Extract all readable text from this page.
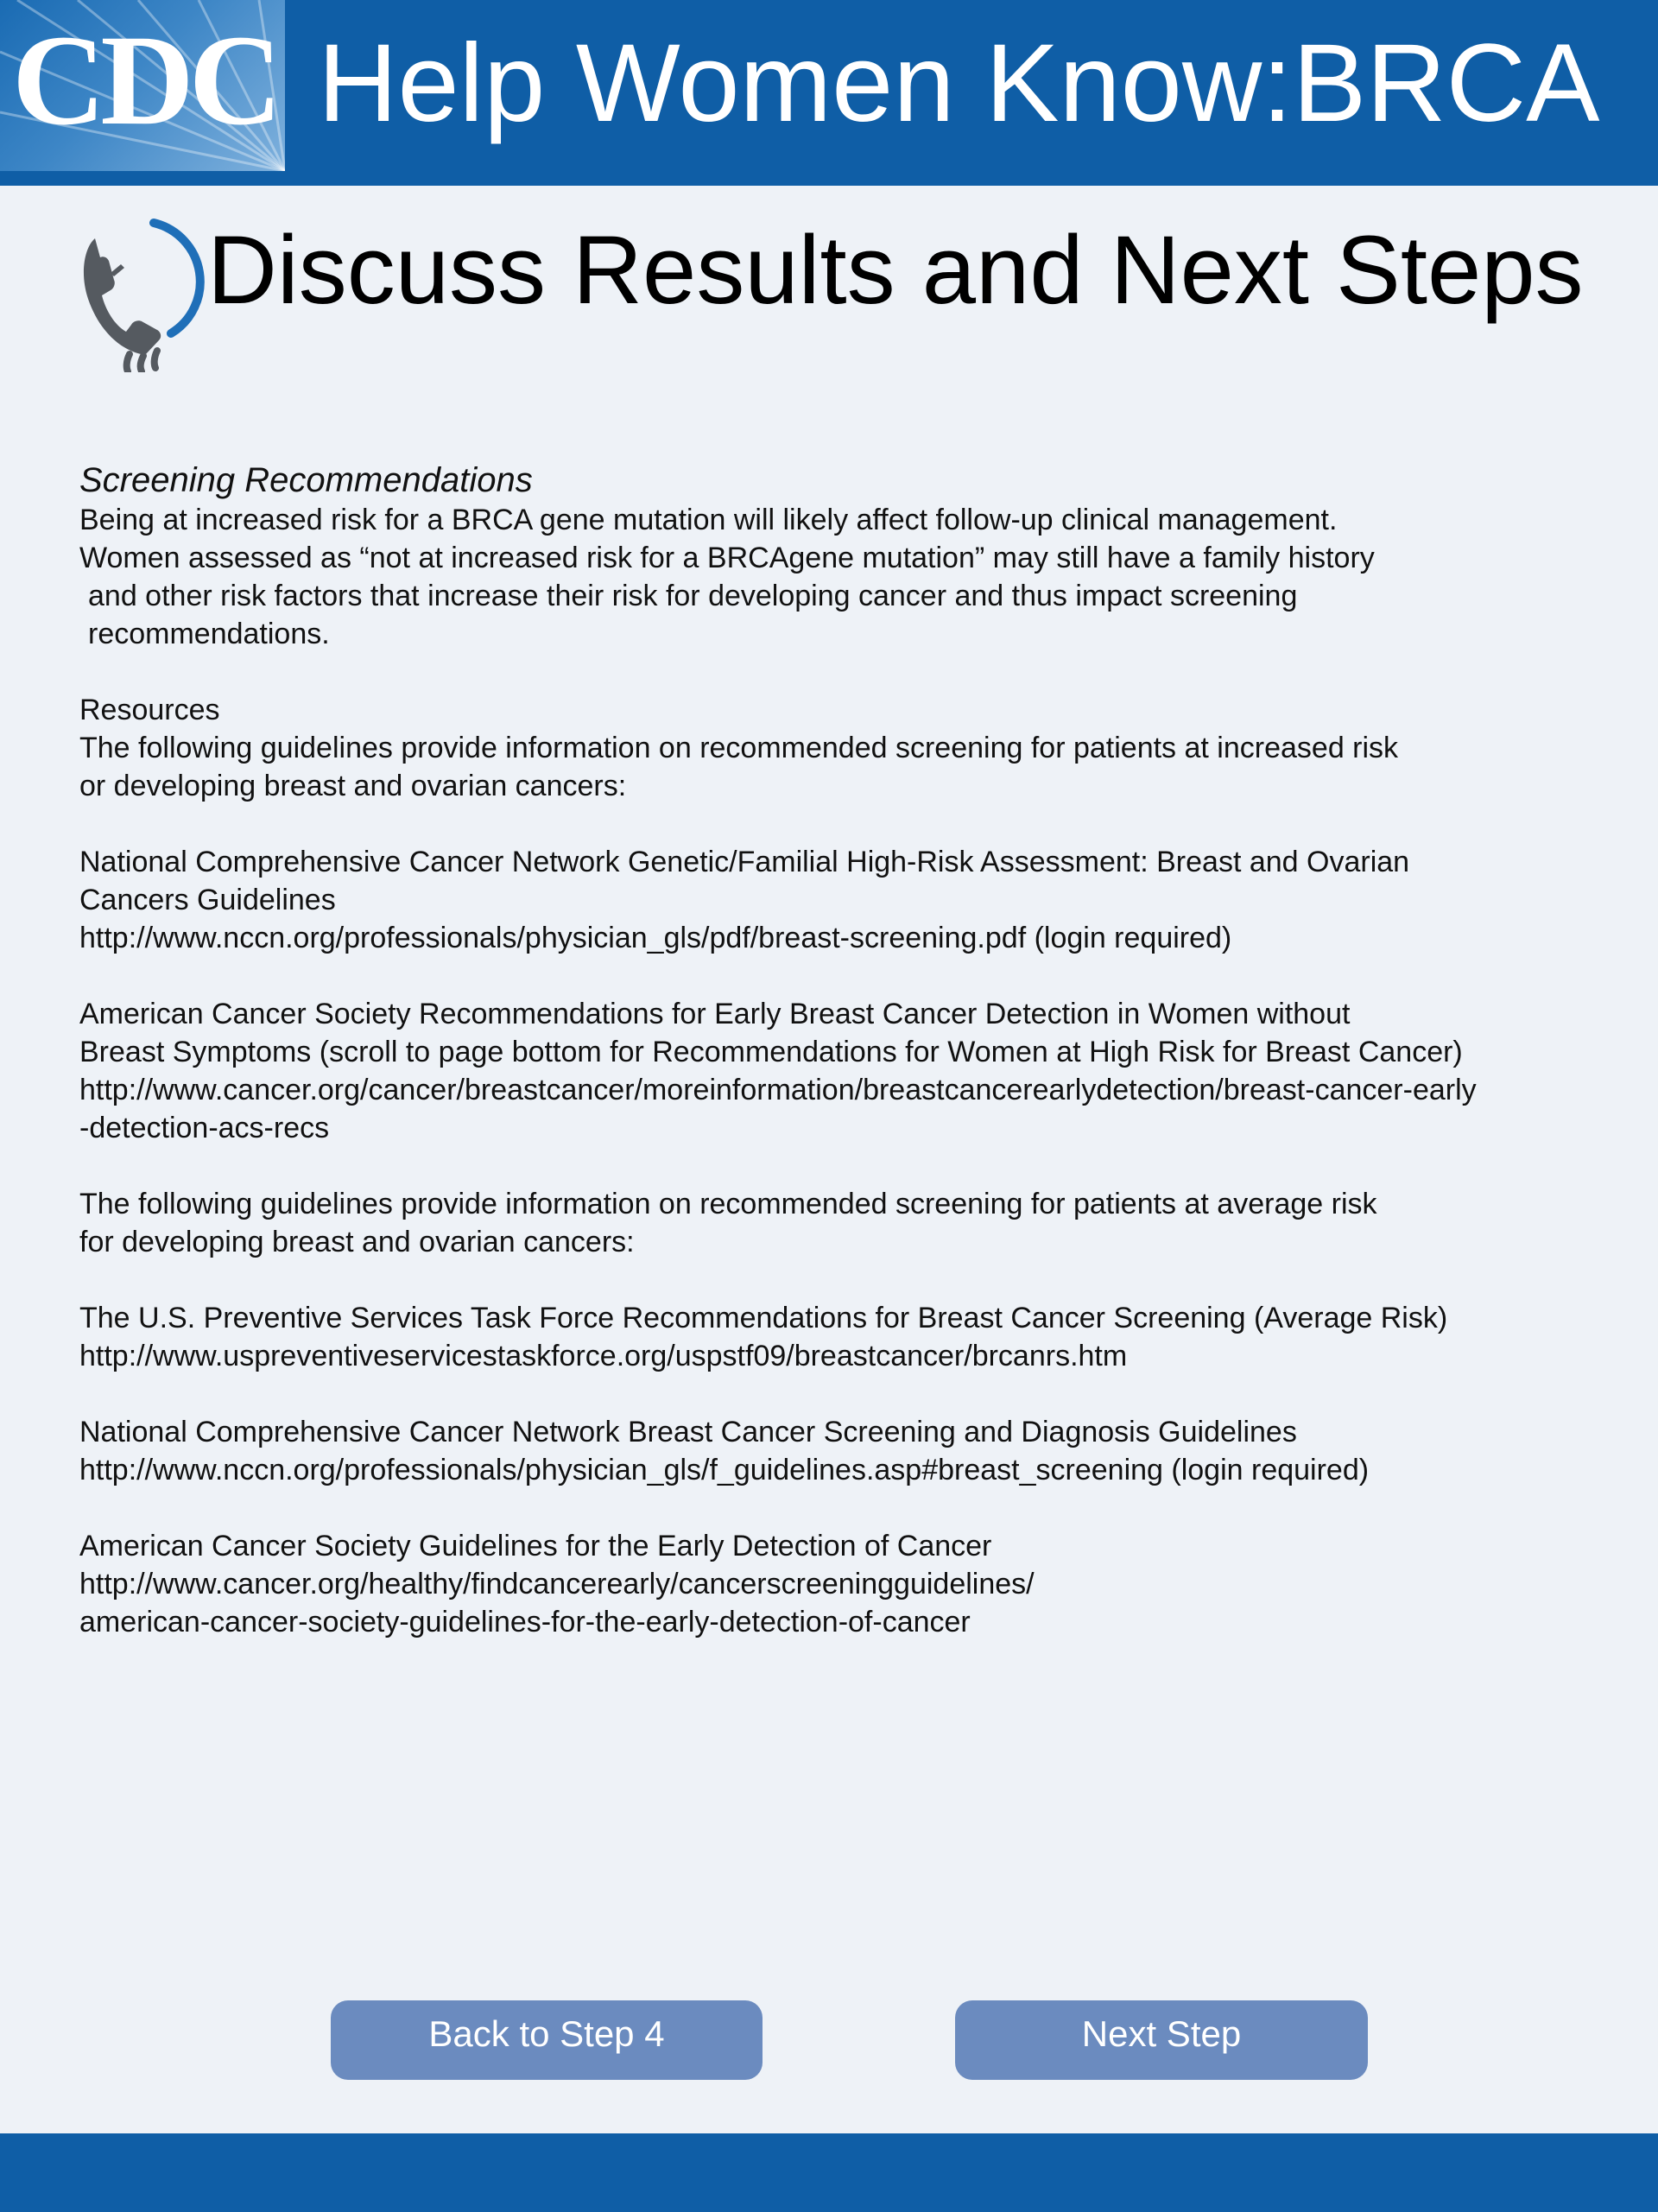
CDC Help Women Know:BRCA
Discuss Results and Next Steps

Screening Recommendations

Being at increased risk for a BRCA gene mutation will likely affect follow-up clinical management.
Women assessed as “not at increased risk for a BRCAgene mutation” may still have a family history
and other risk factors that increase their risk for developing cancer and thus impact screening
recommendations.

Resources

The following guidelines provide information on recommended screening for patients at increased risk
or developing breast and ovarian cancers:

National Comprehensive Cancer Network Genetic/Familial High-Risk Assessment: Breast and Ovarian
Cancers Guidelines
http://www.nccn.org/professionals/physician_gls/pdf/breast-screening.pdf (login required)

American Cancer Society Recommendations for Early Breast Cancer Detection in Women without
Breast Symptoms (scroll to page bottom for Recommendations for Women at High Risk for Breast Cancer)
http://www.cancer.org/cancer/breastcancer/moreinformation/breastcancerearlydetection/breast-cancer-early
-detection-acs-recs

The following guidelines provide information on recommended screening for patients at average risk
for developing breast and ovarian cancers:

The U.S. Preventive Services Task Force Recommendations for Breast Cancer Screening (Average Risk)
http://www.uspreventiveservicestaskforce.org/uspstf09/breastcancer/brcanrs.htm

National Comprehensive Cancer Network Breast Cancer Screening and Diagnosis Guidelines
http://www.nccn.org/professionals/physician_gls/f_guidelines.asp#breast_screening (login required)

American Cancer Society Guidelines for the Early Detection of Cancer
http://www.cancer.org/healthy/findcancerearly/cancerscreeningguidelines/
american-cancer-society-guidelines-for-the-early-detection-of-cancer

Back to Step 4	Next Step
